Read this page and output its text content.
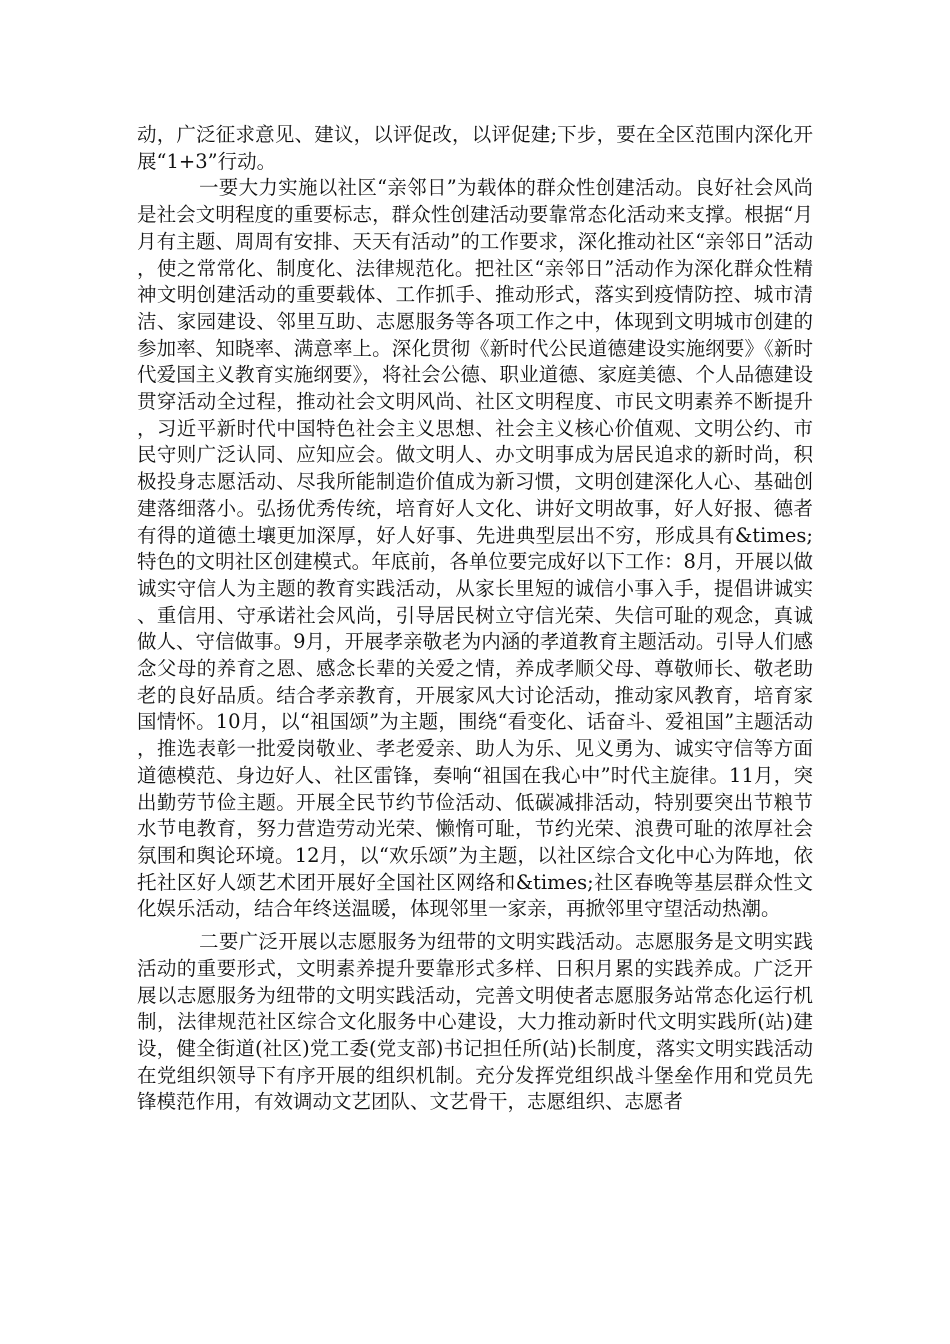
动，广泛征求意见、建议，以评促改，以评促建;下步，要在全区范围内深化开展“1+3”行动。

一要大力实施以社区“亲邻日”为载体的群众性创建活动。良好社会风尚是社会文明程度的重要标志，群众性创建活动要靠常态化活动来支撑。根据“月月有主题、周周有安排、天天有活动”的工作要求，深化推动社区“亲邻日”活动，使之常常化、制度化、法律规范化。把社区“亲邻日”活动作为深化群众性精神文明创建活动的重要载体、工作抓手、推动形式，落实到疫情防控、城市清洁、家园建设、邻里互助、志愿服务等各项工作之中，体现到文明城市创建的参加率、知晓率、满意率上。深化贯彻《新时代公民道德建设实施纲要》《新时代爱国主义教育实施纲要》，将社会公德、职业道德、家庭美德、个人品德建设贯穿活动全过程，推动社会文明风尚、社区文明程度、市民文明素养不断提升，习近平新时代中国特色社会主义思想、社会主义核心价值观、文明公约、市民守则广泛认同、应知应会。做文明人、办文明事成为居民追求的新时尚，积极投身志愿活动、尽我所能制造价值成为新习惯，文明创建深化人心、基础创建落细落小。弘扬优秀传统，培育好人文化、讲好文明故事，好人好报、德者有得的道德土壤更加深厚，好人好事、先进典型层出不穷，形成具有&times;特色的文明社区创建模式。年底前，各单位要完成好以下工作：8月，开展以做诚实守信人为主题的教育实践活动，从家长里短的诚信小事入手，提倡讲诚实、重信用、守承诺社会风尚，引导居民树立守信光荣、失信可耻的观念，真诚做人、守信做事。9月，开展孝亲敬老为内涵的孝道教育主题活动。引导人们感念父母的养育之恩、感念长辈的关爱之情，养成孝顺父母、尊敬师长、敬老助老的良好品质。结合孝亲教育，开展家风大讨论活动，推动家风教育，培育家国情怀。10月，以“祖国颂”为主题，围绕“看变化、话奋斗、爱祖国”主题活动，推选表彰一批爱岗敬业、孝老爱亲、助人为乐、见义勇为、诚实守信等方面道德模范、身边好人、社区雷锋，奏响“祖国在我心中”时代主旋律。11月，突出勤劳节俭主题。开展全民节约节俭活动、低碳减排活动，特别要突出节粮节水节电教育，努力营造劳动光荣、懒惰可耻，节约光荣、浪费可耻的浓厚社会氛围和舆论环境。12月，以“欢乐颂”为主题，以社区综合文化中心为阵地，依托社区好人颂艺术团开展好全国社区网络和&times;社区春晚等基层群众性文化娱乐活动，结合年终送温暖，体现邻里一家亲，再掀邻里守望活动热潮。

二要广泛开展以志愿服务为纽带的文明实践活动。志愿服务是文明实践活动的重要形式，文明素养提升要靠形式多样、日积月累的实践养成。广泛开展以志愿服务为纽带的文明实践活动，完善文明使者志愿服务站常态化运行机制，法律规范社区综合文化服务中心建设，大力推动新时代文明实践所(站)建设，健全街道(社区)党工委(党支部)书记担任所(站)长制度，落实文明实践活动在党组织领导下有序开展的组织机制。充分发挥党组织战斗堡垒作用和党员先锋模范作用，有效调动文艺团队、文艺骨干，志愿组织、志愿者
